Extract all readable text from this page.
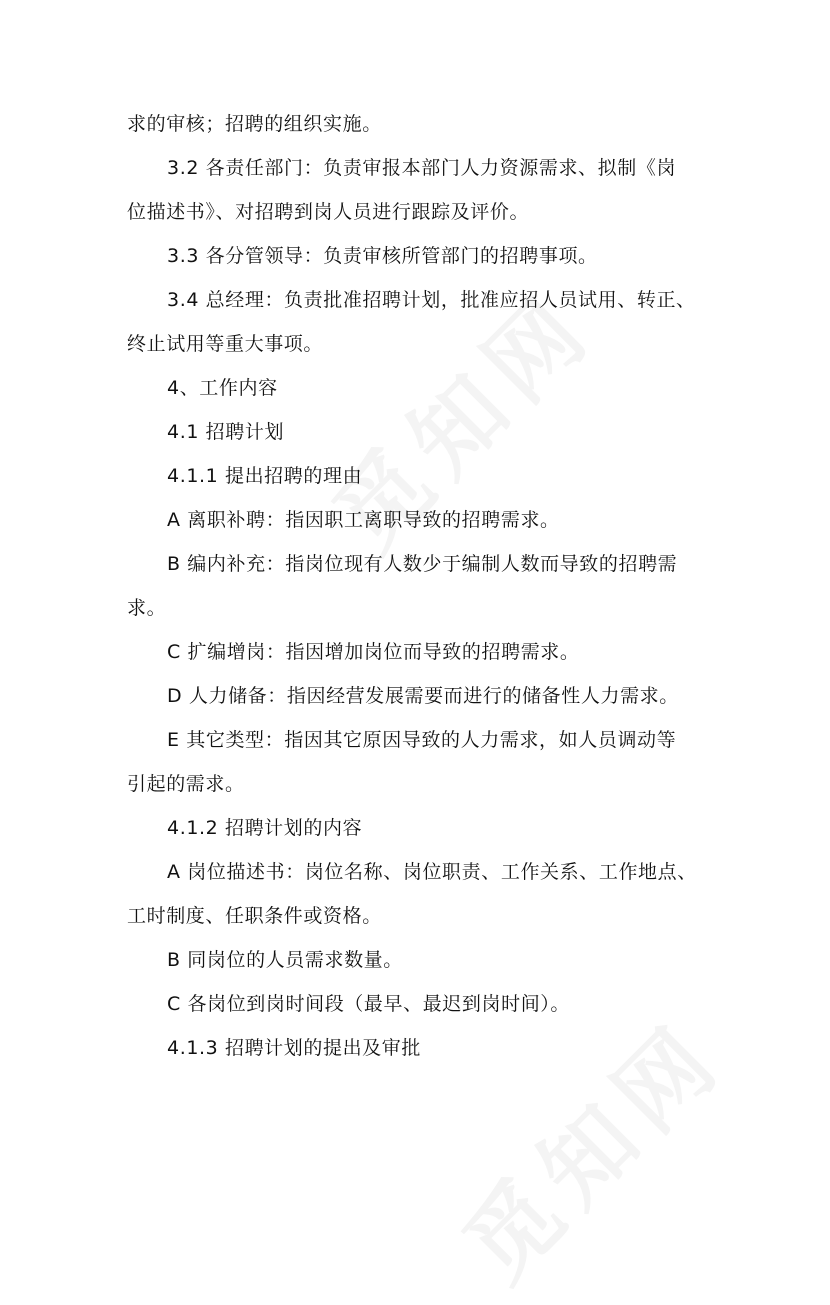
求的审核；招聘的组织实施。
3.2 各责任部门：负责审报本部门人力资源需求、拟制《岗
位描述书》、对招聘到岗人员进行跟踪及评价。
3.3 各分管领导：负责审核所管部门的招聘事项。
3.4 总经理：负责批准招聘计划，批准应招人员试用、转正、
终止试用等重大事项。
4、工作内容
4.1 招聘计划
4.1.1 提出招聘的理由
A 离职补聘：指因职工离职导致的招聘需求。
B 编内补充：指岗位现有人数少于编制人数而导致的招聘需
求。
C 扩编增岗：指因增加岗位而导致的招聘需求。
D 人力储备：指因经营发展需要而进行的储备性人力需求。
E 其它类型：指因其它原因导致的人力需求，如人员调动等
引起的需求。
4.1.2 招聘计划的内容
A 岗位描述书：岗位名称、岗位职责、工作关系、工作地点、
工时制度、任职条件或资格。
B 同岗位的人员需求数量。
C 各岗位到岗时间段（最早、最迟到岗时间）。
4.1.3 招聘计划的提出及审批
